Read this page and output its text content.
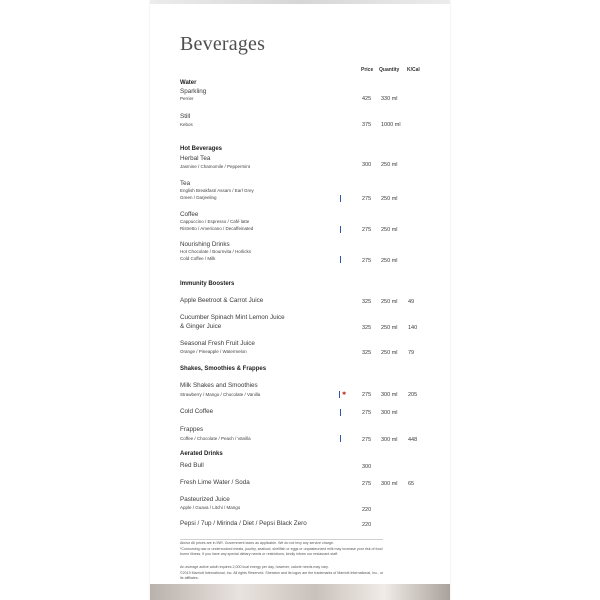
Beverages
Price Quantity K/Cal
Water
Sparkling
Perrier	425 330 ml
Still
Kebos	375 1000 ml
Hot Beverages
Herbal Tea
Jasmine / Chamomile / Peppermint	300 250 ml
Tea
English Breakfast/ Assam / Earl Grey
Green / Darjeeling	275 250 ml
Coffee
Cappuccino / Espresso / Café latte
Ristretto / Americano / Decaffeinated	275 250 ml
Nourishing Drinks
Hot Chocolate / Bournvita / Horlicks
Cold Coffee / Milk	275 250 ml
Immunity Boosters
Apple Beetroot & Carrot Juice	325 250 ml 49
Cucumber Spinach Mint Lemon Juice
& Ginger Juice	325 250 ml 140
Seasonal Fresh Fruit Juice
Orange / Pineapple / Watermelon	325 250 ml 79
Shakes, Smoothies & Frappes
Milk Shakes and Smoothies
Strawberry / Mango / Chocolate / Vanilla	✱	275 300 ml 205
Cold Coffee	275 300 ml
Frappes
Coffee / Chocolate / Peach / Vanilla	275 300 ml 448
Aerated Drinks
Red Bull	300
Fresh Lime Water / Soda	275 300 ml 65
Pasteurized Juice
Apple / Guava / Litchi / Mango	220
Pepsi / 7up / Mirinda / Diet / Pepsi Black Zero	220
Above All prices are in INR. Government taxes as applicable. We do not levy any service charge.
*Consuming raw or undercooked meats, poultry, seafood, shellfish or eggs or unpasteurized milk may increase your risk of food borne illness. If you have any special dietary needs or restrictions, kindly inform our restaurant staff.
An average active adult requires 2,000 kcal energy per day, however, calorie needs may vary.
©2019 Marriott International, Inc. All rights Reserved. Sheraton and its logos are the trademarks of Marriott International, Inc., or its affiliates.
